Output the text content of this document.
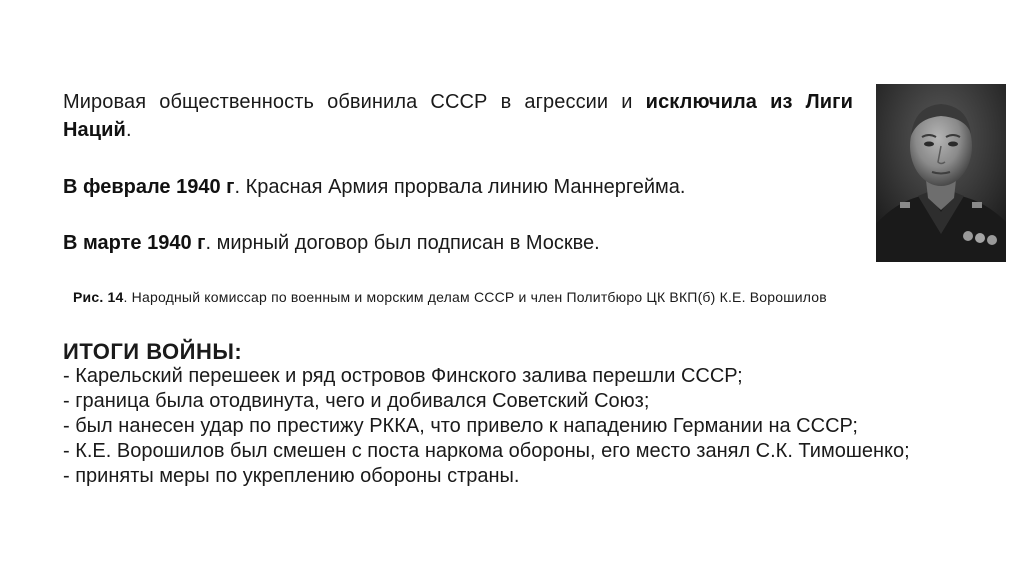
Мировая общественность обвинила СССР в агрессии и исключила из Лиги Наций.
В феврале 1940 г. Красная Армия прорвала линию Маннергейма.
В марте 1940 г. мирный договор был подписан в Москве.
Рис. 14. Народный комиссар по военным и морским делам СССР и член Политбюро ЦК ВКП(б) К.Е. Ворошилов
ИТОГИ ВОЙНЫ:
- Карельский перешеек и ряд островов Финского залива перешли СССР;
- граница была отодвинута, чего и добивался Советский Союз;
- был нанесен удар по престижу РККА, что привело к нападению Германии на СССР;
- К.Е. Ворошилов был смешен с поста наркома обороны, его место занял С.К. Тимошенко;
- приняты меры по укреплению обороны страны.
